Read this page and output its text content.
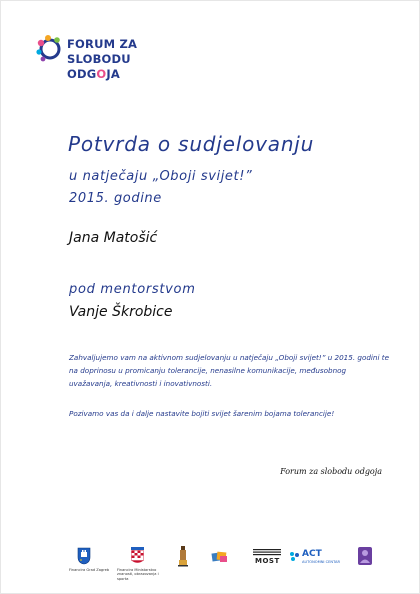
FORUM ZA
SLOBODU
ODGOJA
Potvrda o sudjelovanju
u natječaju „Oboji svijet!”
2015. godine
Jana Matošić
pod mentorstvom
Vanje Škrobice
Zahvaljujemo vam na aktivnom sudjelovanju u natječaju „Oboji svijet!” u 2015. godini te na doprinosu u promicanju tolerancije, nenasilne komunikacije, međusobnog uvažavanja, kreativnosti i inovativnosti.
Pozivamo vas da i dalje nastavite bojiti svijet šarenim bojama tolerancije!
Forum za slobodu odgoja
Financira Grad Zagreb Financira Ministarstvo znanosti, obrazovanja i sporta
MOST
ACT
AUTONOMNI CENTAR
